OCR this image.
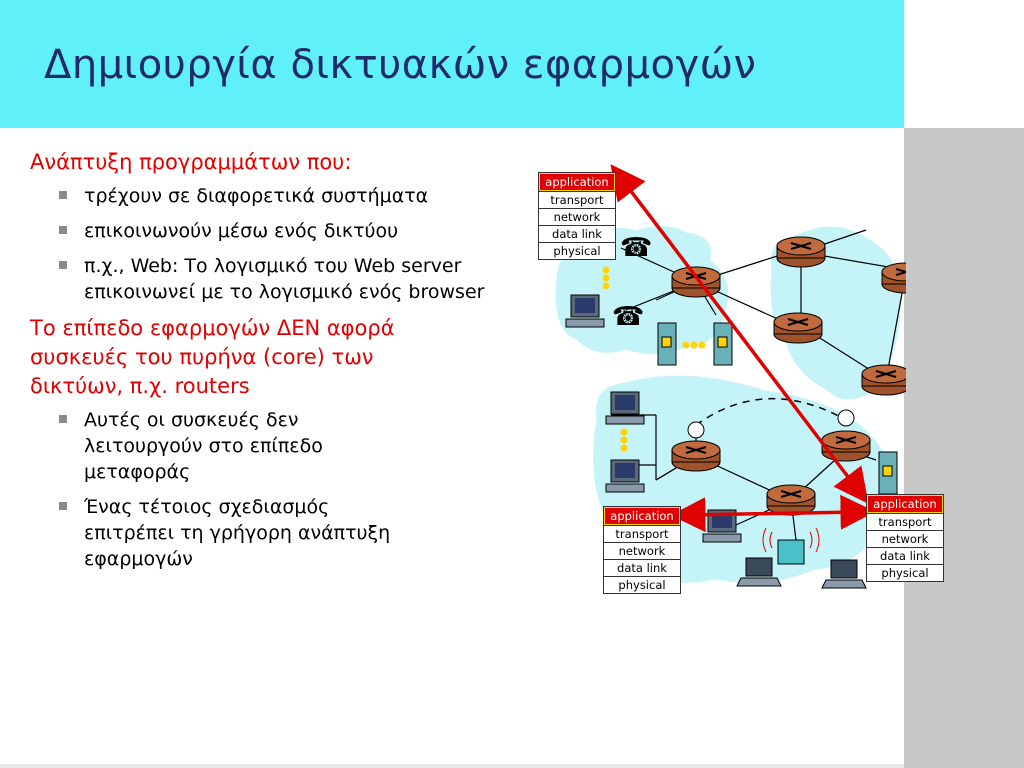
Δημιουργία δικτυακών εφαρμογών

Ανάπτυξη προγραμμάτων που:

τρέχουν σε διαφορετικά συστήματα
επικοινωνούν μέσω ενός δικτύου
π.χ., Web: Το λογισμικό του Web server επικοινωνεί με το λογισμικό ενός browser

Το επίπεδο εφαρμογών ΔΕΝ αφορά συσκευές του πυρήνα (core) των δικτύων, π.χ. routers

Αυτές οι συσκευές δεν λειτουργούν στο επίπεδο μεταφοράς
Ένας τέτοιος σχεδιασμός επιτρέπει τη γρήγορη ανάπτυξη εφαρμογών
☎
☎
application
transport
network
data link
physical
application
transport
network
data link
physical
application
transport
network
data link
physical
